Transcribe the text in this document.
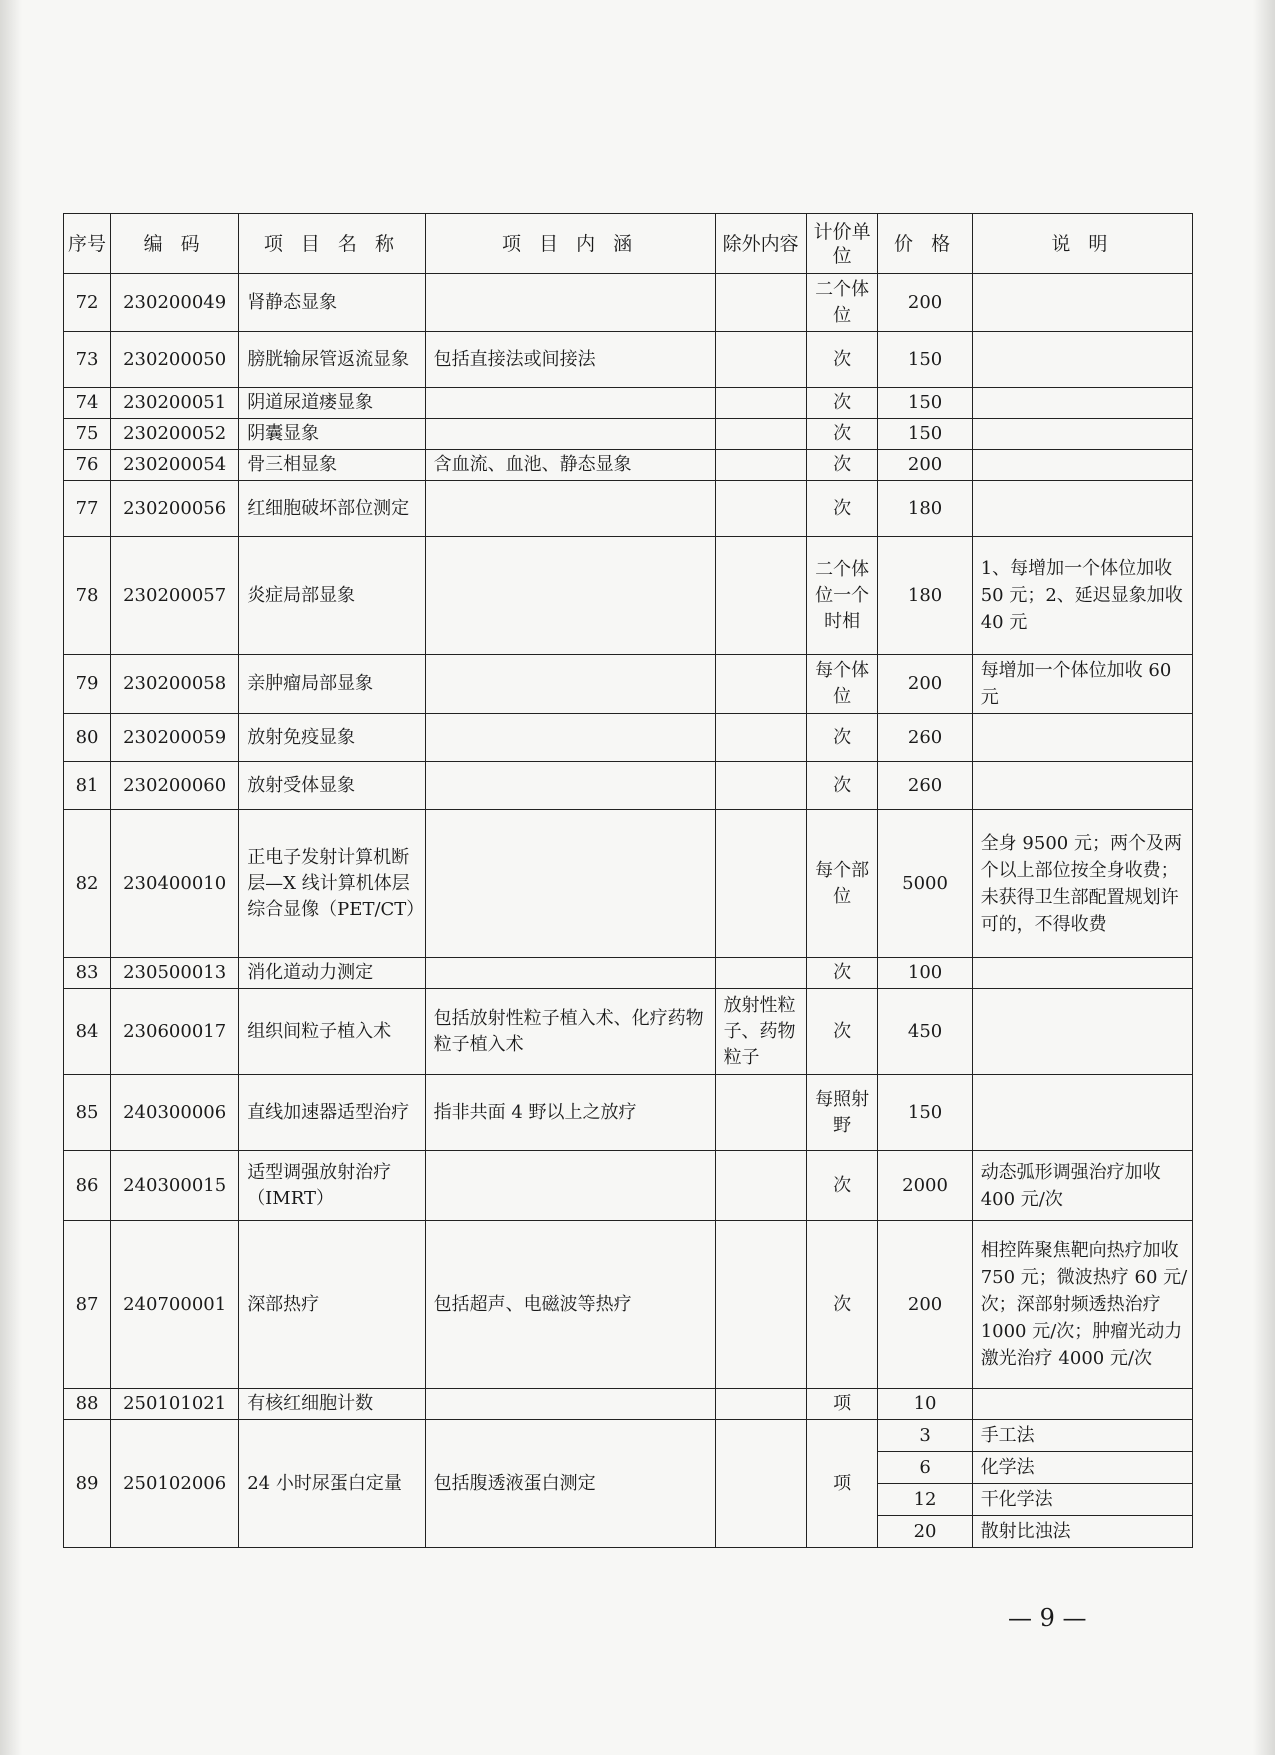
序号	编 码	项 目 名 称	项 目 内 涵	除外内容	计价单位	价 格	说 明
72	230200049	肾静态显象			二个体位	200	
73	230200050	膀胱输尿管返流显象	包括直接法或间接法		次	150	
74	230200051	阴道尿道瘘显象			次	150	
75	230200052	阴囊显象			次	150	
76	230200054	骨三相显象	含血流、血池、静态显象		次	200	
77	230200056	红细胞破坏部位测定			次	180	
78	230200057	炎症局部显象			二个体位一个时相	180	1、每增加一个体位加收 50 元；2、延迟显象加收 40 元
79	230200058	亲肿瘤局部显象			每个体位	200	每增加一个体位加收 60 元
80	230200059	放射免疫显象			次	260	
81	230200060	放射受体显象			次	260	
82	230400010	正电子发射计算机断层—X 线计算机体层综合显像（PET/CT）			每个部位	5000	全身 9500 元；两个及两个以上部位按全身收费；未获得卫生部配置规划许可的，不得收费
83	230500013	消化道动力测定			次	100	
84	230600017	组织间粒子植入术	包括放射性粒子植入术、化疗药物粒子植入术	放射性粒子、药物粒子	次	450	
85	240300006	直线加速器适型治疗	指非共面 4 野以上之放疗		每照射野	150	
86	240300015	适型调强放射治疗（IMRT）			次	2000	动态弧形调强治疗加收 400 元/次
87	240700001	深部热疗	包括超声、电磁波等热疗		次	200	相控阵聚焦靶向热疗加收 750 元；微波热疗 60 元/次；深部射频透热治疗 1000 元/次；肿瘤光动力激光治疗 4000 元/次
88	250101021	有核红细胞计数			项	10	
89	250102006	24 小时尿蛋白定量	包括腹透液蛋白测定		项	3	手工法
						6	化学法
						12	干化学法
						20	散射比浊法
— 9 —
